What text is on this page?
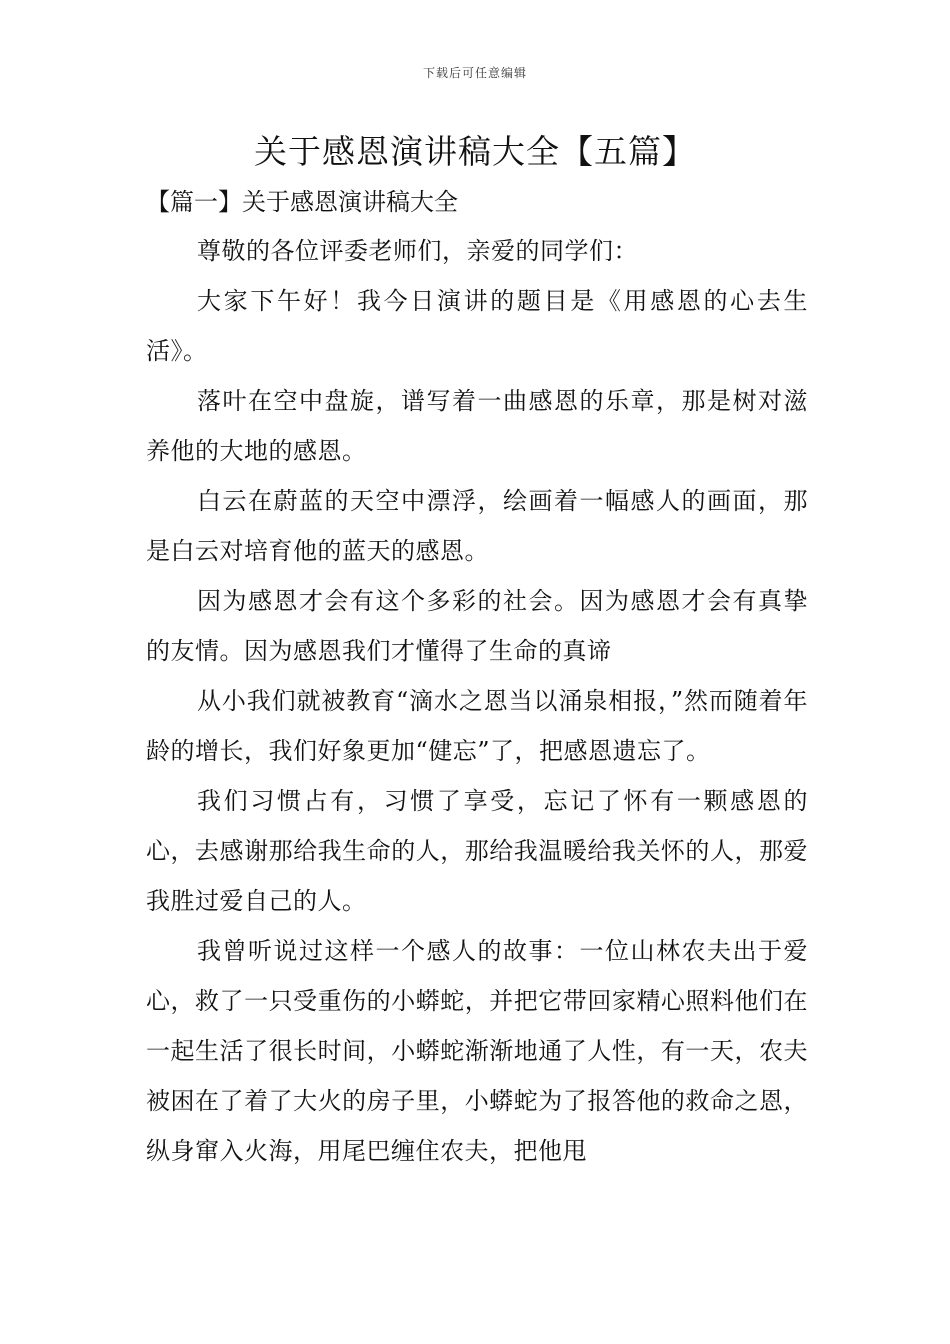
下载后可任意编辑
关于感恩演讲稿大全【五篇】
【篇一】关于感恩演讲稿大全

尊敬的各位评委老师们，亲爱的同学们：

大家下午好！我今日演讲的题目是《用感恩的心去生活》。

落叶在空中盘旋，谱写着一曲感恩的乐章，那是树对滋养他的大地的感恩。

白云在蔚蓝的天空中漂浮，绘画着一幅感人的画面，那是白云对培育他的蓝天的感恩。

因为感恩才会有这个多彩的社会。因为感恩才会有真挚的友情。因为感恩我们才懂得了生命的真谛

从小我们就被教育“滴水之恩当以涌泉相报，”然而随着年龄的增长，我们好象更加“健忘”了，把感恩遗忘了。

我们习惯占有，习惯了享受，忘记了怀有一颗感恩的心，去感谢那给我生命的人，那给我温暖给我关怀的人，那爱我胜过爱自己的人。

我曾听说过这样一个感人的故事：一位山林农夫出于爱心，救了一只受重伤的小蟒蛇，并把它带回家精心照料他们在一起生活了很长时间，小蟒蛇渐渐地通了人性，有一天，农夫被困在了着了大火的房子里，小蟒蛇为了报答他的救命之恩，纵身窜入火海，用尾巴缠住农夫，把他甩
